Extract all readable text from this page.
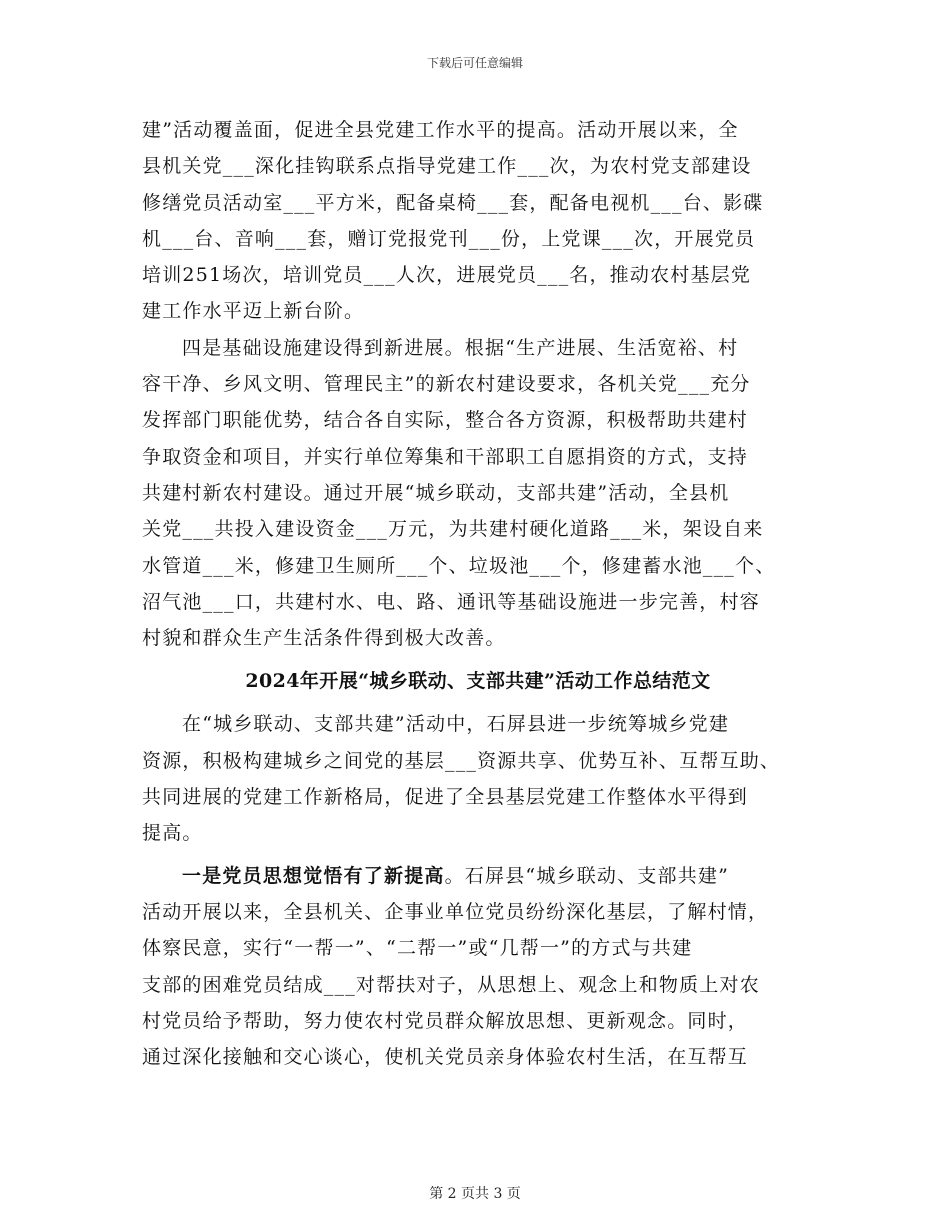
下载后可任意编辑
建”活动覆盖面，促进全县党建工作水平的提高。活动开展以来，全
县机关党___深化挂钩联系点指导党建工作___次，为农村党支部建设
修缮党员活动室___平方米，配备桌椅___套，配备电视机___台、影碟
机___台、音响___套，赠订党报党刊___份，上党课___次，开展党员
培训251场次，培训党员___人次，进展党员___名，推动农村基层党
建工作水平迈上新台阶。
四是基础设施建设得到新进展。根据“生产进展、生活宽裕、村
容干净、乡风文明、管理民主”的新农村建设要求，各机关党___充分
发挥部门职能优势，结合各自实际，整合各方资源，积极帮助共建村
争取资金和项目，并实行单位筹集和干部职工自愿捐资的方式，支持
共建村新农村建设。通过开展“城乡联动，支部共建”活动，全县机
关党___共投入建设资金___万元，为共建村硬化道路___米，架设自来
水管道___米，修建卫生厕所___个、垃圾池___个，修建蓄水池___个、
沼气池___口，共建村水、电、路、通讯等基础设施进一步完善，村容
村貌和群众生产生活条件得到极大改善。
2024年开展“城乡联动、支部共建”活动工作总结范文
在“城乡联动、支部共建”活动中，石屏县进一步统筹城乡党建
资源，积极构建城乡之间党的基层___资源共享、优势互补、互帮互助、
共同进展的党建工作新格局，促进了全县基层党建工作整体水平得到
提高。
一是党员思想觉悟有了新提高。石屏县“城乡联动、支部共建”
活动开展以来，全县机关、企事业单位党员纷纷深化基层，了解村情，
体察民意，实行“一帮一”、“二帮一”或“几帮一”的方式与共建
支部的困难党员结成___对帮扶对子，从思想上、观念上和物质上对农
村党员给予帮助，努力使农村党员群众解放思想、更新观念。同时，
通过深化接触和交心谈心，使机关党员亲身体验农村生活，在互帮互
第 2 页共 3 页
